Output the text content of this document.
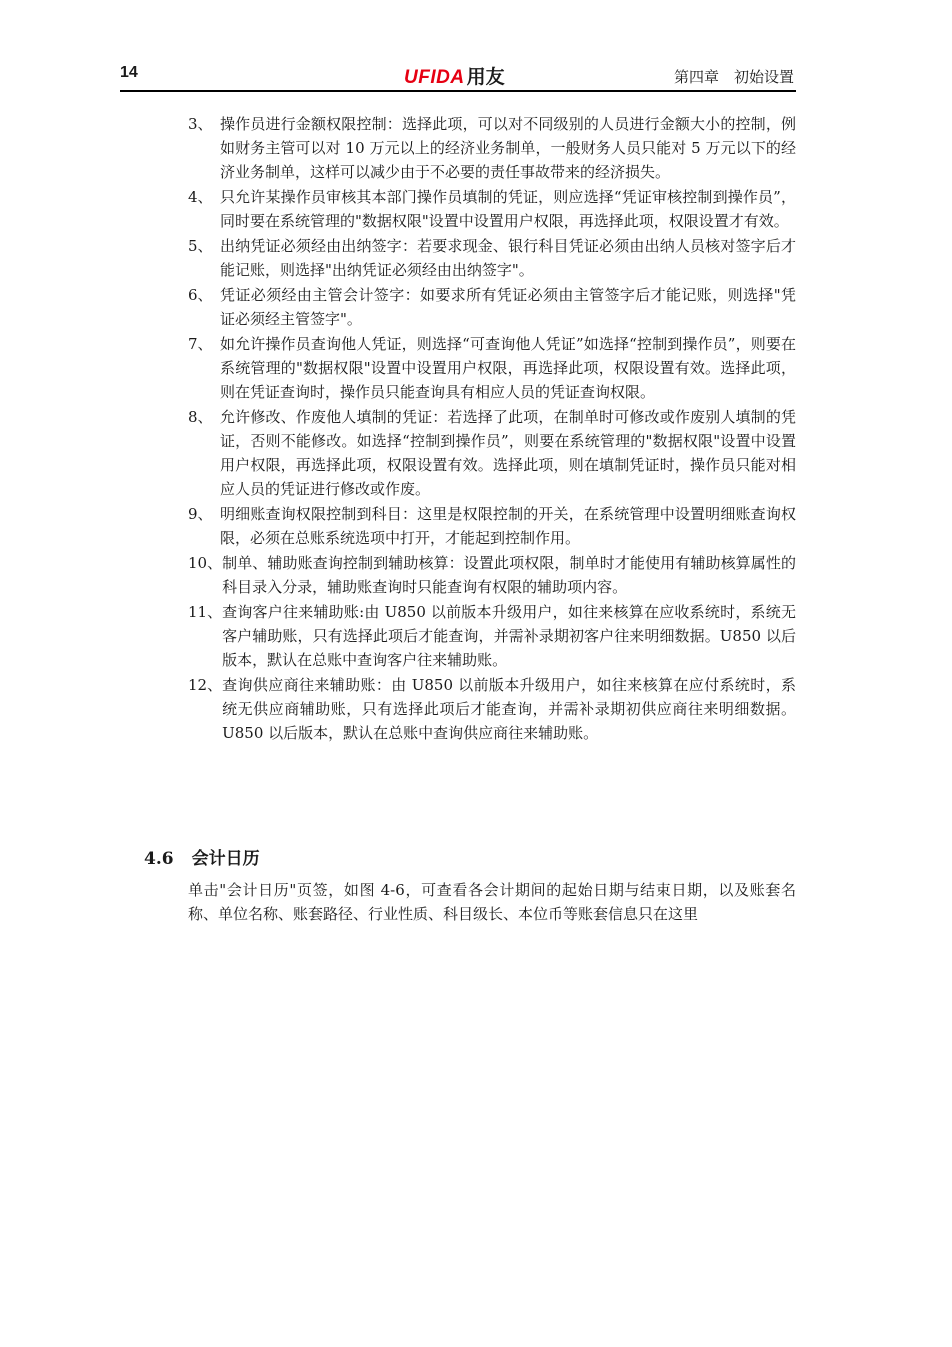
14	UFIDA 用友	第四章　初始设置
3、 操作员进行金额权限控制：选择此项，可以对不同级别的人员进行金额大小的控制，例如财务主管可以对 10 万元以上的经济业务制单，一般财务人员只能对 5 万元以下的经济业务制单，这样可以减少由于不必要的责任事故带来的经济损失。
4、 只允许某操作员审核其本部门操作员填制的凭证，则应选择“凭证审核控制到操作员”，同时要在系统管理的"数据权限"设置中设置用户权限，再选择此项，权限设置才有效。
5、 出纳凭证必须经由出纳签字：若要求现金、银行科目凭证必须由出纳人员核对签字后才能记账，则选择"出纳凭证必须经由出纳签字"。
6、 凭证必须经由主管会计签字：如要求所有凭证必须由主管签字后才能记账，则选择"凭证必须经主管签字"。
7、 如允许操作员查询他人凭证，则选择“可查询他人凭证”如选择“控制到操作员”，则要在系统管理的"数据权限"设置中设置用户权限，再选择此项，权限设置有效。选择此项，则在凭证查询时，操作员只能查询具有相应人员的凭证查询权限。
8、 允许修改、作废他人填制的凭证：若选择了此项，在制单时可修改或作废别人填制的凭证，否则不能修改。如选择“控制到操作员”，则要在系统管理的"数据权限"设置中设置用户权限，再选择此项，权限设置有效。选择此项，则在填制凭证时，操作员只能对相应人员的凭证进行修改或作废。
9、 明细账查询权限控制到科目：这里是权限控制的开关，在系统管理中设置明细账查询权限，必须在总账系统选项中打开，才能起到控制作用。
10、 制单、辅助账查询控制到辅助核算：设置此项权限，制单时才能使用有辅助核算属性的科目录入分录，辅助账查询时只能查询有权限的辅助项内容。
11、 查询客户往来辅助账:由 U850 以前版本升级用户，如往来核算在应收系统时，系统无客户辅助账，只有选择此项后才能查询，并需补录期初客户往来明细数据。U850 以后版本，默认在总账中查询客户往来辅助账。
12、 查询供应商往来辅助账：由 U850 以前版本升级用户，如往来核算在应付系统时，系统无供应商辅助账，只有选择此项后才能查询，并需补录期初供应商往来明细数据。U850 以后版本，默认在总账中查询供应商往来辅助账。
4.6 会计日历

单击"会计日历"页签，如图 4-6，可查看各会计期间的起始日期与结束日期，以及账套名称、单位名称、账套路径、行业性质、科目级长、本位币等账套信息只在这里
